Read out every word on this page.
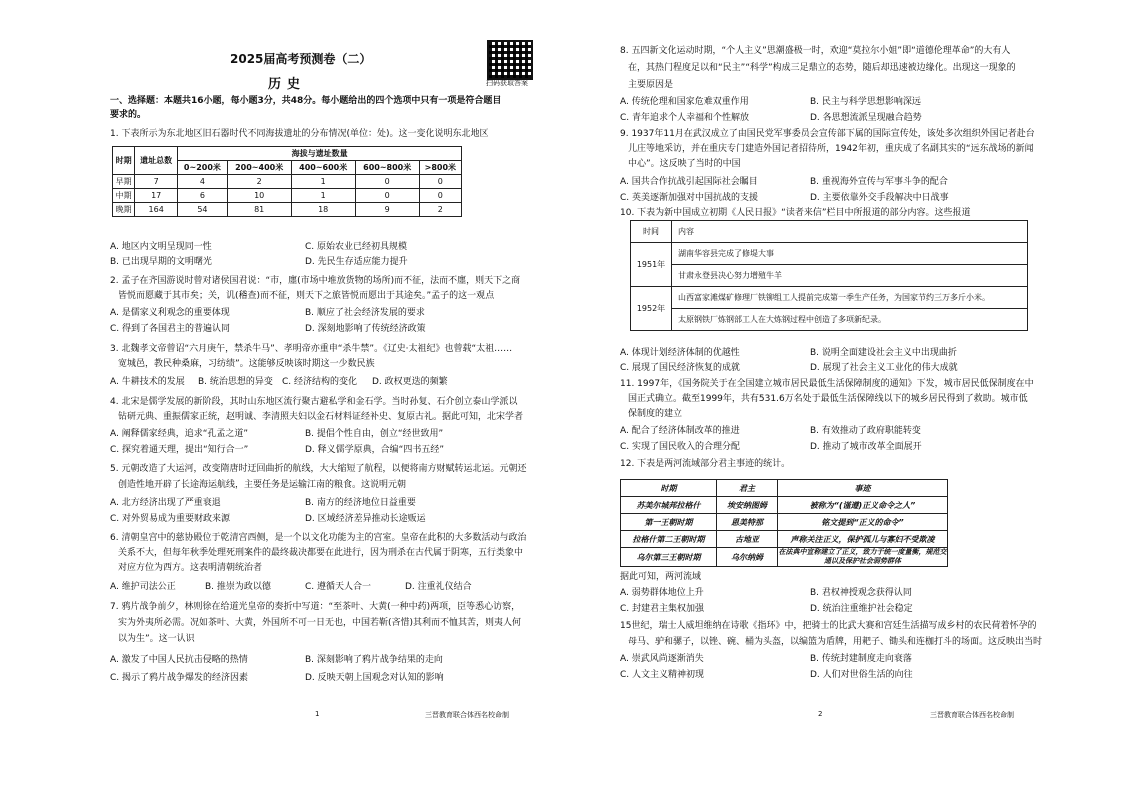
2025届高考预测卷（二）
历史	扫码获取答案
一、选择题：本题共16小题，每小题3分，共48分。每小题给出的四个选项中只有一项是符合题目
要求的。
1. 下表所示为东北地区旧石器时代不同海拔遗址的分布情况(单位：处)。这一变化说明东北地区
时期	遗址总数	海拔与遗址数量				
		0~200米	200~400米	400~600米	600~800米	>800米
早期	7	4	2	1	0	0
中期	17	6	10	1	0	0
晚期	164	54	81	18	9	2
A. 地区内文明呈现同一性	C. 原始农业已经初具规模
B. 已出现早期的文明曙光	D. 先民生存适应能力提升
2. 孟子在齐国游说时曾对诸侯国君说：“市，廛(市场中堆放货物的场所)而不征，法而不廛，则天下之商
皆悦而愿藏于其市矣；关，讥(稽查)而不征，则天下之旅皆悦而愿出于其途矣。”孟子的这一观点
A. 是儒家义利观念的重要体现	B. 顺应了社会经济发展的要求
C. 得到了各国君主的普遍认同	D. 深刻地影响了传统经济政策
3. 北魏孝文帝曾诏“六月庚午，禁杀牛马”、孝明帝亦重申“杀牛禁”。《辽史·太祖纪》也曾载“太祖……
宽城邑，教民种桑麻，习纺绩”。这能够反映该时期这一少数民族
A. 牛耕技术的发展 B. 统治思想的异变 C. 经济结构的变化 D. 政权更迭的频繁
4. 北宋是儒学发展的新阶段，其时山东地区流行聚古避私学和金石学。当时孙复、石介创立泰山学派以
钻研元典、重振儒家正统，赵明诚、李清照夫妇以金石材料证经补史、复原古礼。据此可知，北宋学者
A. 阐释儒家经典，追求“孔孟之道”	B. 提倡个性自由，创立“经世致用”
C. 探究着通天理，提出“知行合一”	D. 释义儒学原典，合编“四书五经”
5. 元朝改造了大运河，改变隋唐时迂回曲折的航线，大大缩短了航程，以便将南方财赋转运北运。元朝还
创造性地开辟了长途海运航线，主要任务是运输江南的粮食。这说明元朝
A. 北方经济出现了严重衰退	B. 南方的经济地位日益重要
C. 对外贸易成为重要财政来源	D. 区域经济差异推动长途贩运
6. 清朝皇宫中的慈协殿位于乾清宫西侧，是一个以文化功能为主的宫室。皇帝在此积的大多数活动与政治
关系不大，但每年秋季处理死刑案件的最终裁决都要在此进行，因为刑杀在古代属于阴寒，五行类象中
对应方位为西方。这表明清朝统治者
A. 维护司法公正	B. 推崇为政以德	C. 遵循天人合一	D. 注重礼仪结合
7. 鸦片战争前夕，林则徐在给道光皇帝的奏折中写道：“至茶叶、大黄(一种中药)两项，臣等悉心访察，
实为外夷所必需。况如茶叶、大黄，外国所不可一日无也，中国若靳(吝惜)其利而不恤其苦，则夷人何
以为生”。这一认识
A. 激发了中国人民抗击侵略的热情	B. 深刻影响了鸦片战争结果的走向
C. 揭示了鸦片战争爆发的经济因素	D. 反映天朝上国观念对认知的影响
1	三晋教育联合体西名校命制
8. 五四新文化运动时期，“个人主义”思潮盛极一时，欢迎“莫拉尔小姐”即“道德伦理革命”的大有人
在，其热门程度足以和“民主”“科学”构成三足鼎立的态势，随后却迅速被边缘化。出现这一现象的
主要原因是
A. 传统伦理和国家危难双重作用	B. 民主与科学思想影响深远
C. 青年追求个人幸福和个性解放	D. 各思想流派呈现融合趋势
9. 1937年11月在武汉成立了由国民党军事委员会宣传部下属的国际宣传处，该处多次组织外国记者赴台
儿庄等地采访，并在重庆专门建造外国记者招待所，1942年初，重庆成了名副其实的“远东战场的新闻
中心”。这反映了当时的中国
A. 国共合作抗战引起国际社会瞩目	B. 重视海外宣传与军事斗争的配合
C. 英美逐渐加强对中国抗战的支援	D. 主要依靠外交手段解决中日战事
10. 下表为新中国成立初期《人民日报》“读者来信”栏目中所报道的部分内容。这些报道
A. 体现计划经济体制的优越性	B. 说明全面建设社会主义中出现曲折
C. 展现了国民经济恢复的成就	D. 展现了社会主义工业化的伟大成就
11. 1997年，《国务院关于在全国建立城市居民最低生活保障制度的通知》下发，城市居民低保制度在中
国正式确立。截至1999年，共有531.6万名处于最低生活保障线以下的城乡居民得到了救助。城市低
保制度的建立
A. 配合了经济体制改革的推进	B. 有效推动了政府职能转变
C. 实现了国民收入的合理分配	D. 推动了城市改革全面展开
12. 下表是两河流域部分君主事迹的统计。
据此可知，两河流域
A. 弱势群体地位上升	B. 君权神授观念获得认同
C. 封建君主集权加强	D. 统治注重维护社会稳定
15世纪，瑞士人威坦维纳在诗歌《指环》中，把骑士的比武大赛和宫廷生活描写成乡村的农民荷着怀孕的
母马、驴和骡子，以锉、碗、桶为头盔，以编篮为盾牌，用耙子、锄头和连枷打斗的场面。这反映出当时
A. 崇武风尚逐渐消失	B. 传统封建制度走向衰落
C. 人文主义精神初现	D. 人们对世俗生活的向往
2	三晋教育联合体西名校命制
时间	内容
1951年	湖南华容县完成了修堤大事
	甘肃永登县决心努力增殖牛羊
1952年	山西富家滩煤矿修理厂铁铆组工人提前完成第一季生产任务，为国家节约三万多斤小米。
	太原钢铁厂炼钢部工人在大炼钢过程中创造了多项新纪录。
时期	君主	事迹
苏美尔城邦拉格什	埃安纳图姆	被称为“(谨遵)正义命令之人”
第一王朝时期	恩美特那	铭文提到“正义的命令”
拉格什第二王朝时期	古地亚	声称关注正义，保护孤儿与寡妇不受欺凌
乌尔第三王朝时期	乌尔纳姆	在法典中宣称建立了正义，致力于统一度量衡，规范交通以及保护社会弱势群体
